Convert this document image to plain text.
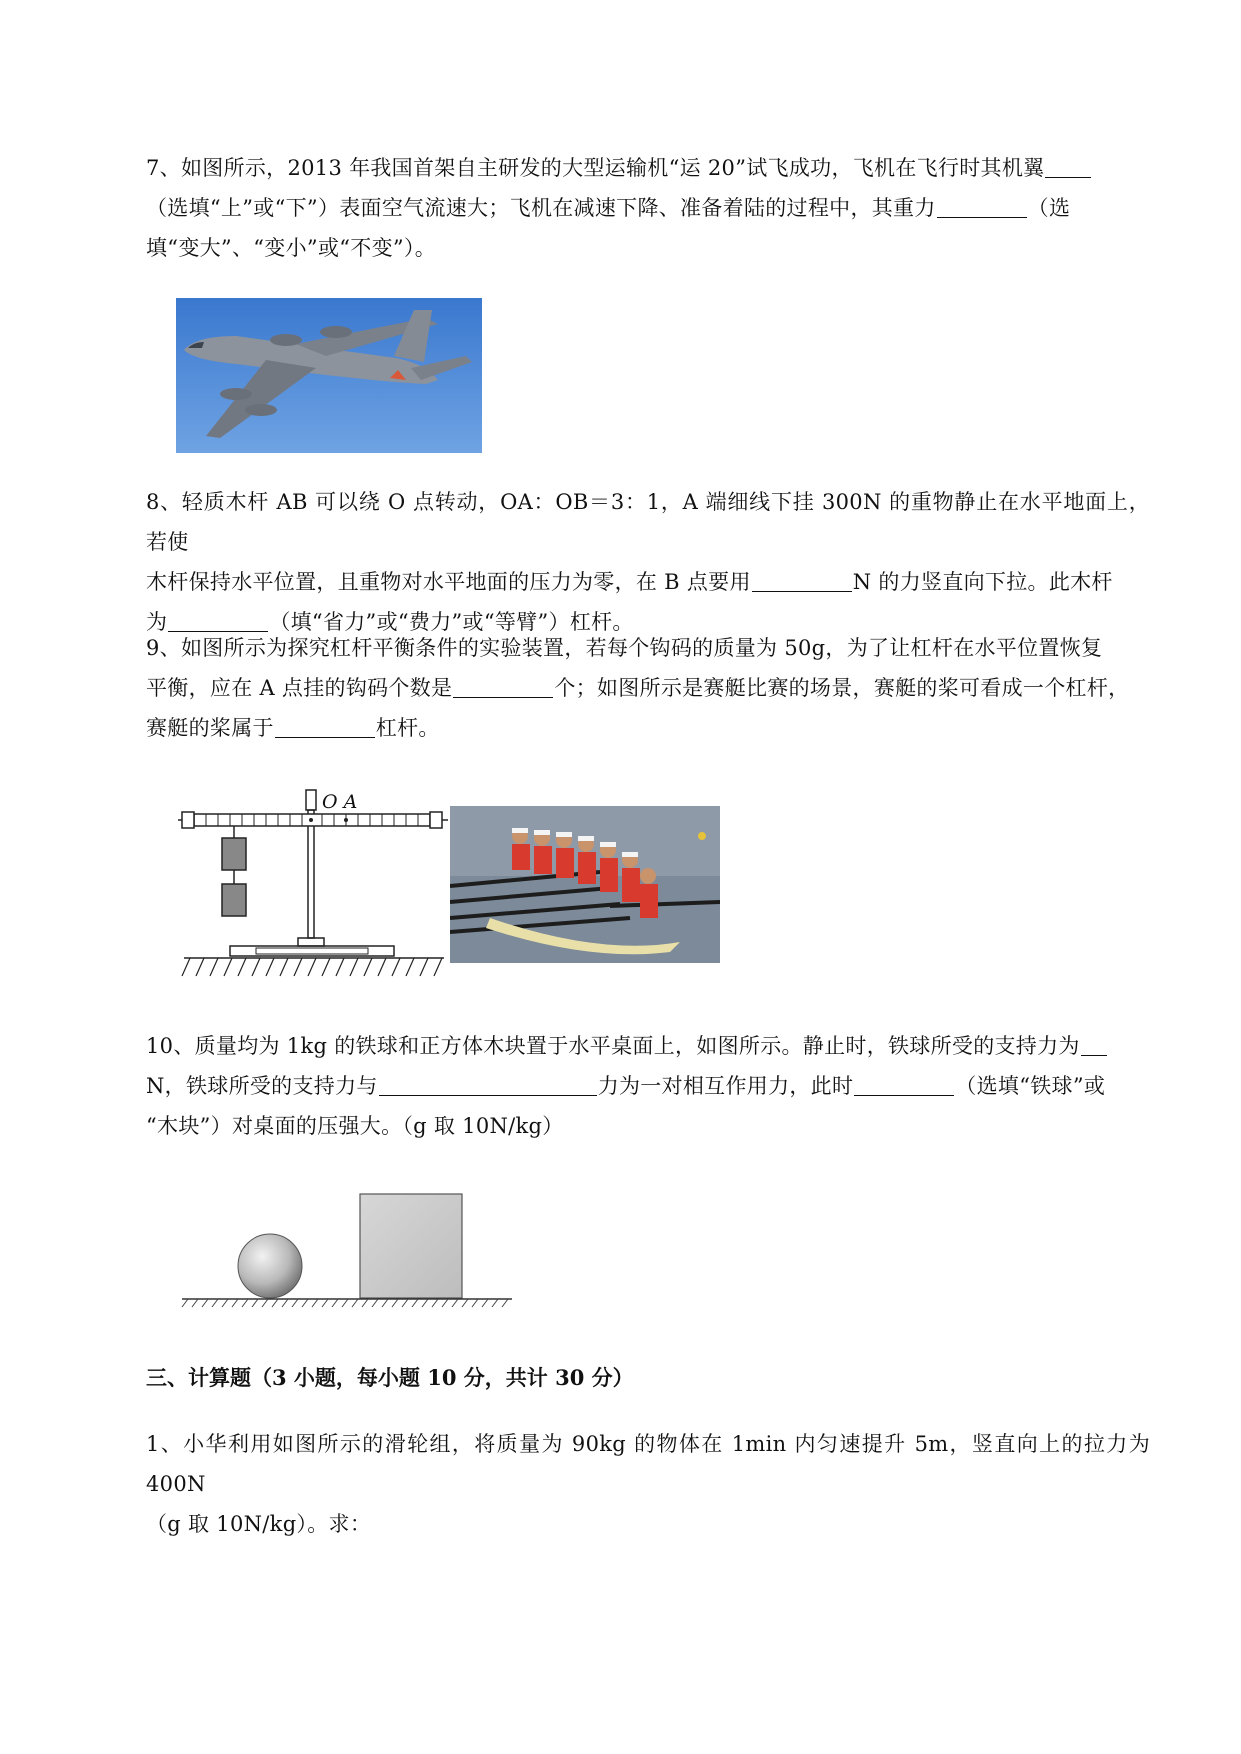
7、如图所示，2013 年我国首架自主研发的大型运输机“运 20”试飞成功，飞机在飞行时其机翼
（选填“上”或“下”）表面空气流速大；飞机在减速下降、准备着陆的过程中，其重力	（选
填“变大”、“变小”或“不变”）。
8、轻质木杆 AB 可以绕 O 点转动，OA：OB＝3：1，A 端细线下挂 300N 的重物静止在水平地面上，若使
木杆保持水平位置，且重物对水平地面的压力为零，在 B 点要用	N 的力竖直向下拉。此木杆
为	（填“省力”或“费力”或“等臂”）杠杆。
9、如图所示为探究杠杆平衡条件的实验装置，若每个钩码的质量为 50g，为了让杠杆在水平位置恢复
平衡，应在 A 点挂的钩码个数是	个；如图所示是赛艇比赛的场景，赛艇的桨可看成一个杠杆，
赛艇的桨属于	杠杆。
O A
10、质量均为 1kg 的铁球和正方体木块置于水平桌面上，如图所示。静止时，铁球所受的支持力为
N，铁球所受的支持力与	力为一对相互作用力，此时	（选填“铁球”或
“木块”）对桌面的压强大。（g 取 10N/kg）
三、计算题（3 小题，每小题 10 分，共计 30 分）
1、小华利用如图所示的滑轮组，将质量为 90kg 的物体在 1min 内匀速提升 5m，竖直向上的拉力为 400N
（g 取 10N/kg）。求：
